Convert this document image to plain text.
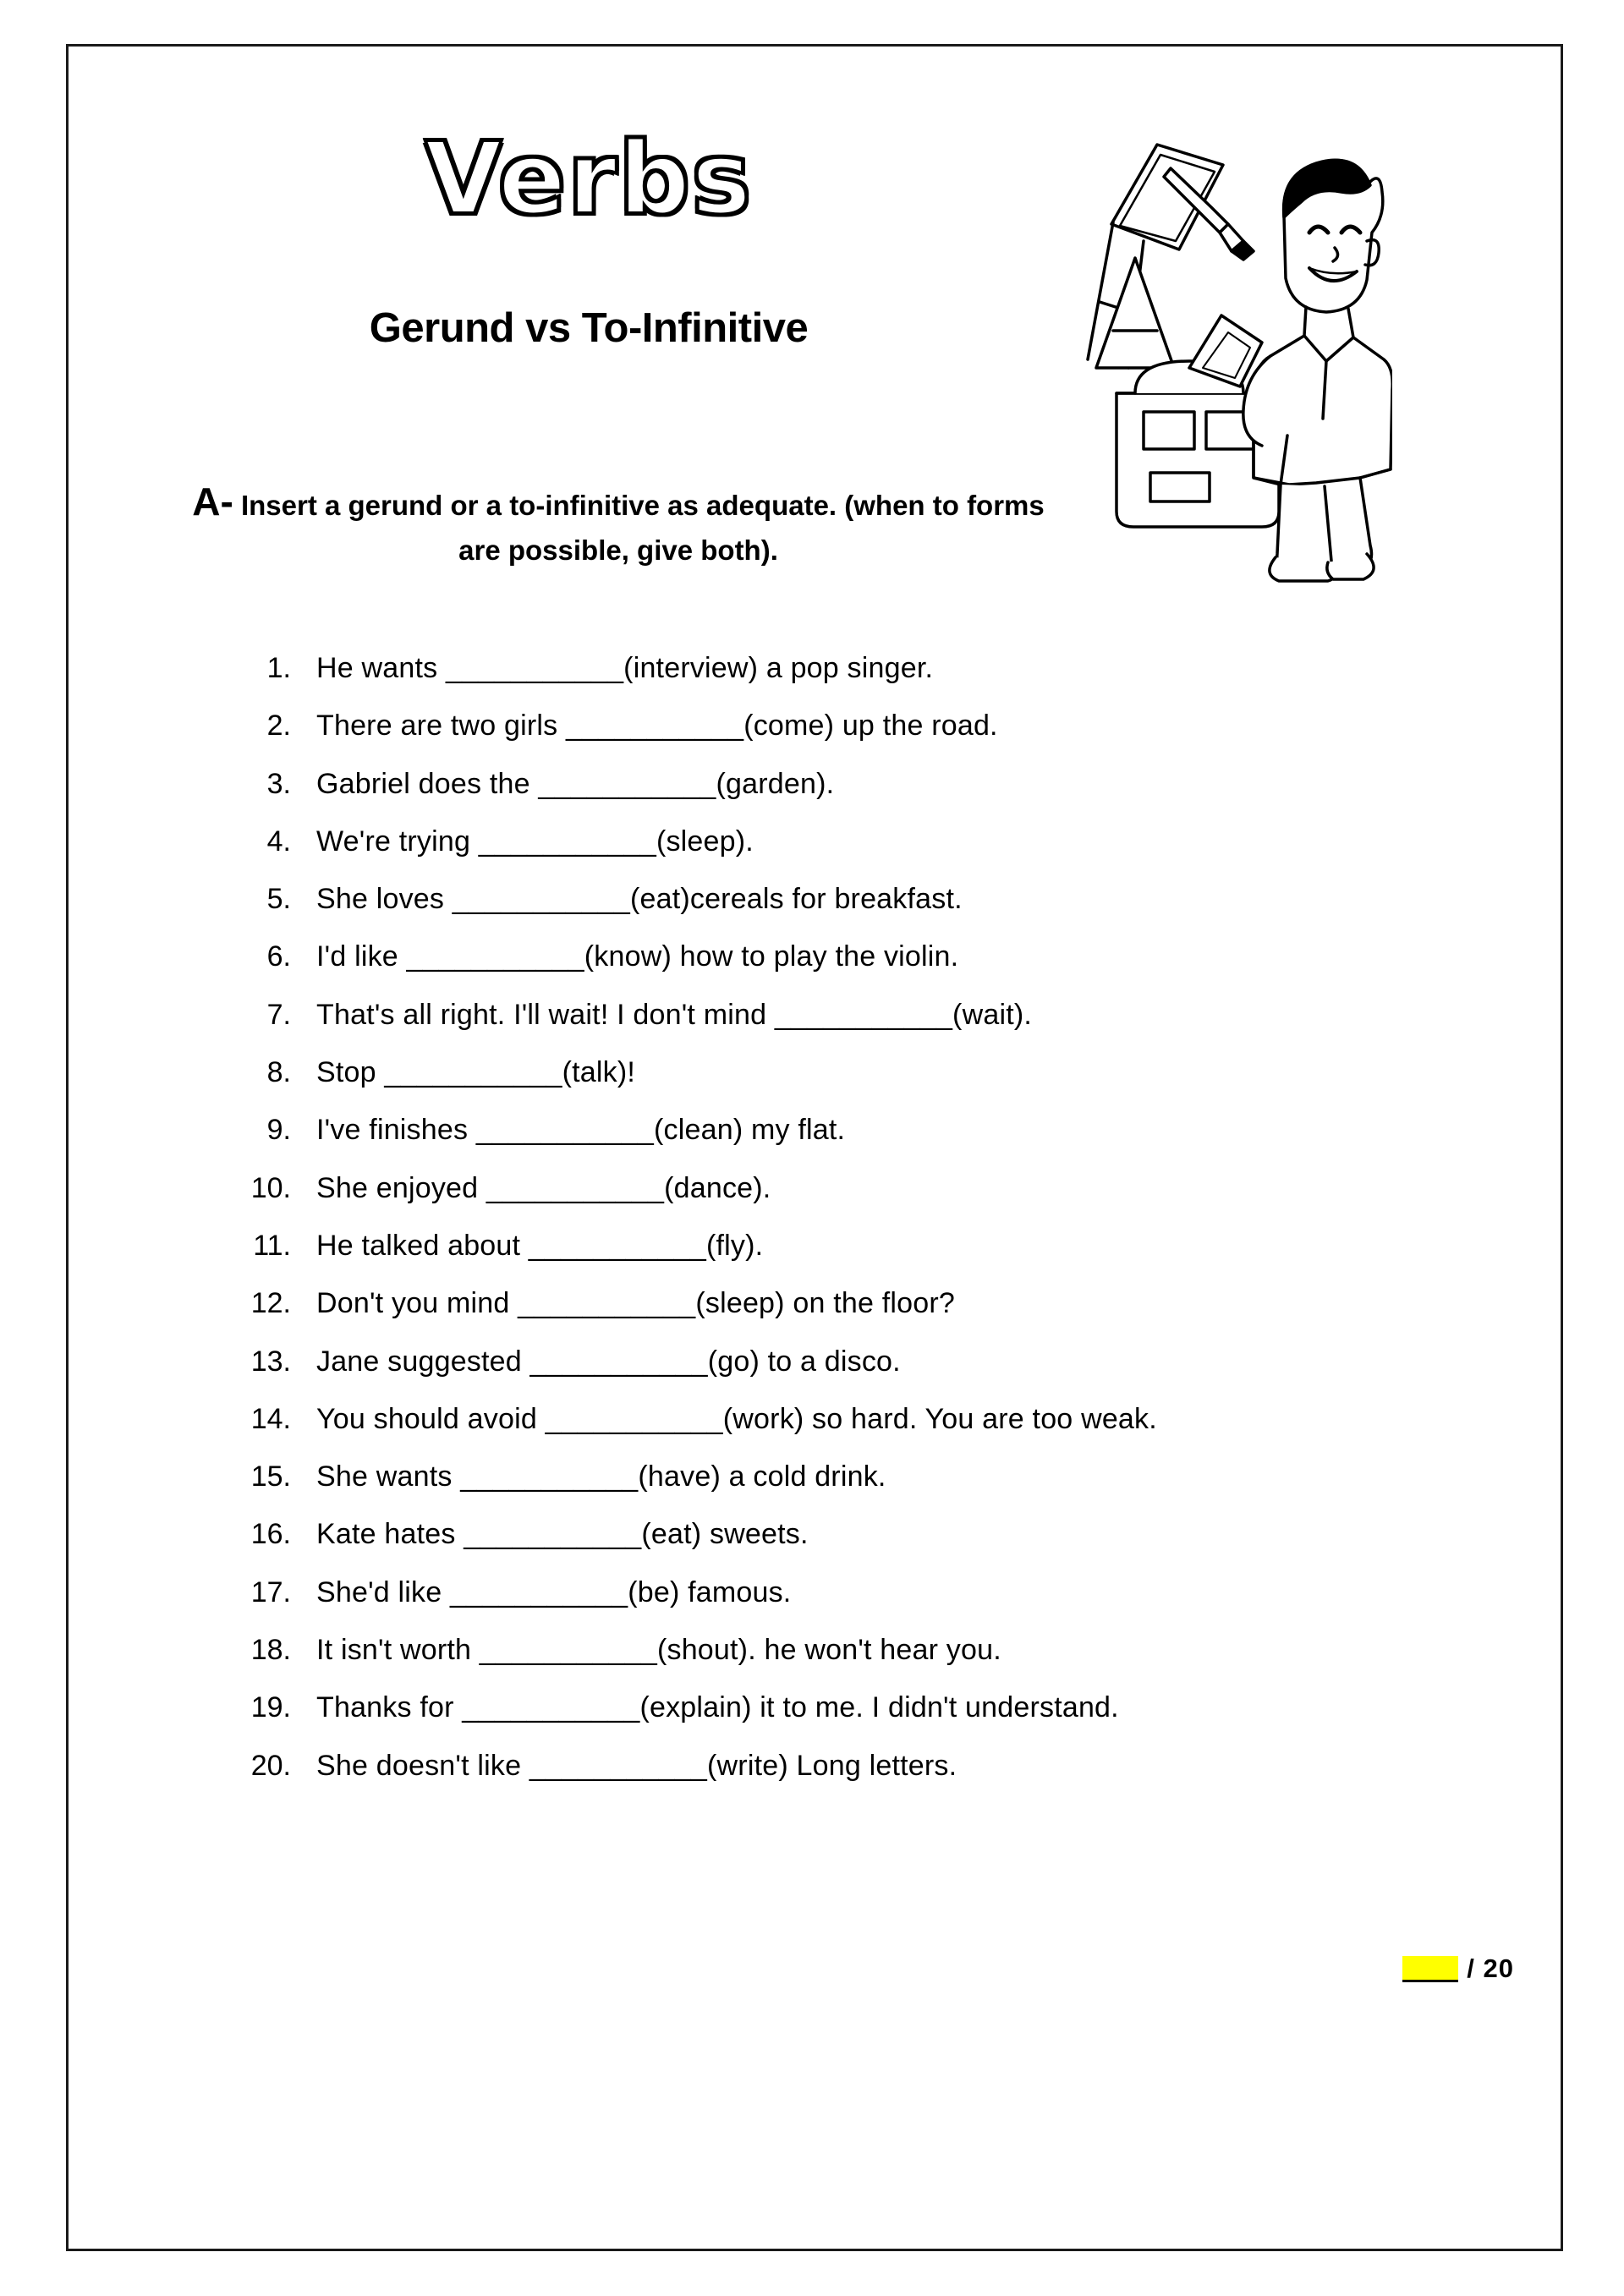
Verbs
Gerund vs To-Infinitive
A- Insert a gerund or a to-infinitive as adequate. (when to forms are possible, give both).
1. He wants ___________(interview) a pop singer.
2. There are two girls ___________(come) up the road.
3. Gabriel does the ___________(garden).
4. We're trying ___________(sleep).
5. She loves ___________(eat)cereals for breakfast.
6. I'd like ___________(know) how to play the violin.
7. That's all right. I'll wait! I don't mind ___________(wait).
8. Stop ___________(talk)!
9. I've finishes ___________(clean) my flat.
10. She enjoyed ___________(dance).
11. He talked about ___________(fly).
12. Don't you mind ___________(sleep) on the floor?
13. Jane suggested ___________(go) to a disco.
14. You should avoid ___________(work) so hard. You are too weak.
15. She wants ___________(have) a cold drink.
16. Kate hates ___________(eat) sweets.
17. She'd like ___________(be) famous.
18. It isn't worth ___________(shout). he won't hear you.
19. Thanks for ___________(explain) it to me. I didn't understand.
20. She doesn't like ___________(write) Long letters.
/ 20
